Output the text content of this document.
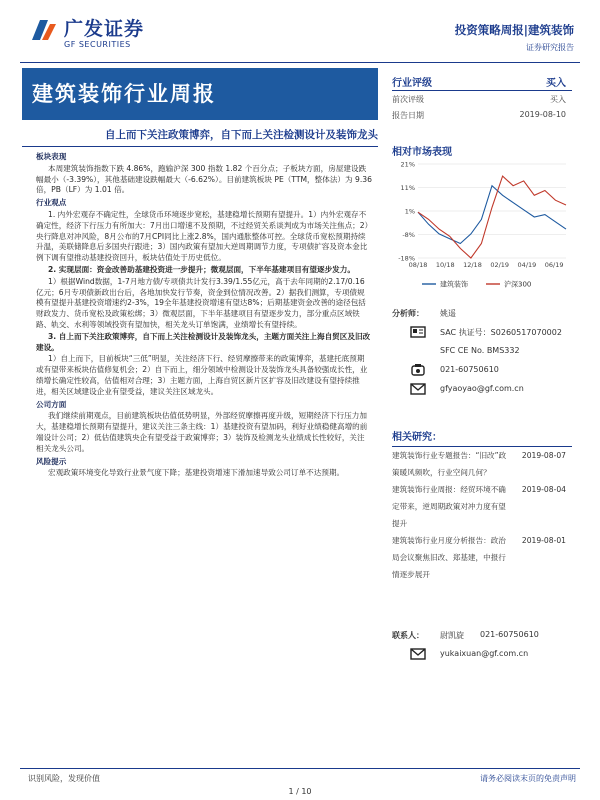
广发证券
GF SECURITIES
投资策略周报|建筑装饰
证券研究报告
建筑装饰行业周报
自上而下关注政策博弈，自下而上关注检测设计及装饰龙头

板块表现

本周建筑装饰指数下跌 4.86%，跑输沪深 300 指数 1.82 个百分点；子板块方面，房屋建设跌幅最小（-3.39%），其他基础建设跌幅最大（-6.62%）。目前建筑板块 PE（TTM，整体法）为 9.36 倍，PB（LF）为 1.01 倍。

行业观点

1. 内外宏观存不确定性，全球货币环境逐步宽松，基建稳增长预期有望提升。1）内外宏观存不确定性，经济下行压力有所加大：7月出口增速不及预期，不过经贸关系谈判成为市场关注焦点；2）央行降息对冲风险，8月公布的7月CPI同比上涨2.8%，国内通胀整体可控。全球货币宽松预期持续升温，美联储降息后多国央行跟进；3）国内政策有望加大逆周期调节力度，专项债扩容及资本金比例下调有望推动基建投资回升，板块估值处于历史低位。

2. 实现层面：资金改善助基建投资进一步提升；微观层面，下半年基建项目有望逐步发力。

1）根据Wind数据，1-7月地方债/专项债共计发行3.39/1.55亿元，高于去年同期的2.17/0.16亿元；6月专项债新政出台后，各地加快发行节奏，资金到位情况改善。2）据我们测算，专项债规模有望提升基建投资增速约2-3%，19全年基建投资增速有望达8%；后期基建资金改善的途径包括财政发力、货币宽松及政策松绑；3）微观层面，下半年基建项目有望逐步发力，部分重点区域铁路、轨交、水利等领域投资有望加快，相关龙头订单饱满，业绩增长有望持续。

3. 自上而下关注政策博弈，自下而上关注检测设计及装饰龙头，主题方面关注上海自贸区及旧改建设。

1）自上而下，目前板块“三低”明显，关注经济下行、经贸摩擦带来的政策博弈，基建托底预期或有望带来板块估值修复机会；2）自下而上，细分领域中检测设计及装饰龙头具备较强成长性，业绩增长确定性较高，估值相对合理；3）主题方面，上海自贸区新片区扩容及旧改建设有望持续推进，相关区域建设企业有望受益，建议关注区域龙头。

公司方面

我们继续前期观点，目前建筑板块估值低势明显，外部经贸摩擦再度升级，短期经济下行压力加大，基建稳增长预期有望提升，建议关注三条主线：1）基建投资有望加码，利好业绩稳健高增的前端设计公司；2）低估值建筑央企有望受益于政策博弈；3）装饰及检测龙头业绩成长性较好，关注相关龙头公司。

风险提示

宏观政策环境变化导致行业景气度下降；基建投资增速下滑加速导致公司订单不达预期。

行业评级	买入
前次评级	买入
报告日期	2019-08-10
相对市场表现
21%
11%
1%
-8%
-18%
08/18 10/18 12/18 02/19 04/19 06/19
建筑装饰	沪深300
分析师： 姚遥
SAC 执证号：S0260517070002
SFC CE No. BMS332
021-60750610
gfyaoyao@gf.com.cn
相关研究：
建筑装饰行业专题报告：“旧改”政策暖风频吹，行业空间几何？
2019-08-07
建筑装饰行业周报：经贸环境不确定带来，逆周期政策对冲力度有望提升
2019-08-04
建筑装饰行业月度分析报告：政治局会议聚焦旧改、郑基建，中报行情逐步展开
2019-08-01
联系人： 尉凯旋 021-60750610
yukaixuan@gf.com.cn
识别风险，发现价值	请务必阅读末页的免责声明
1 / 10
